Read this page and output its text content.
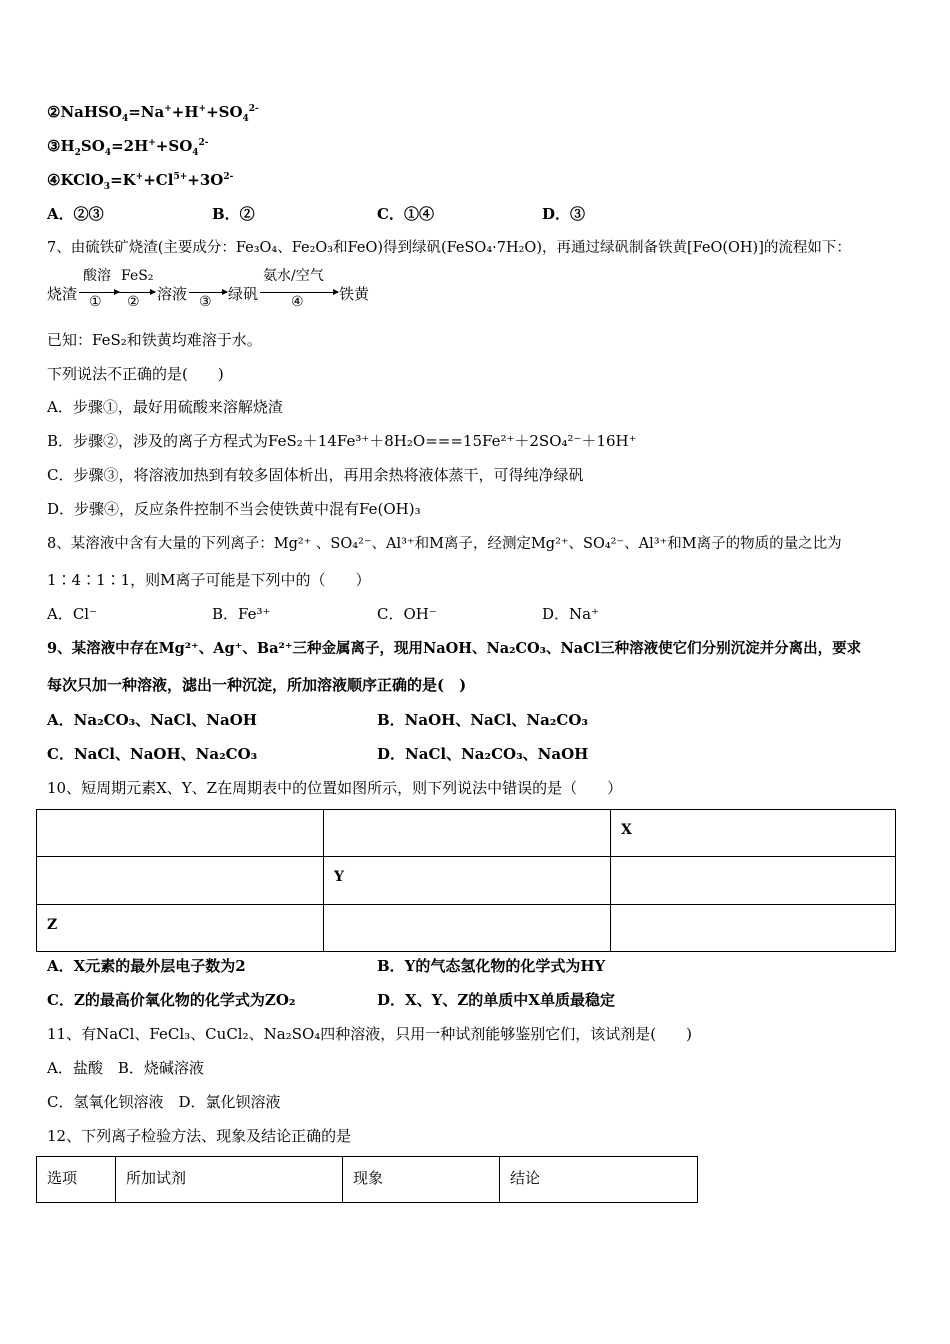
$②NaHSO_4=Na^++H^++SO_4^{2-}$
$③H_2SO_4=2H^++SO_4^{2-}$
$④KClO_3=K^++Cl^{5+}+3O^{2-}$
A．②③	B．②	C．①④	D．③
7、由硫铁矿烧渣(主要成分：Fe₃O₄、Fe₂O₃和FeO)得到绿矾(FeSO₄·7H₂O)，再通过绿矾制备铁黄[FeO(OH)]的流程如下：
烧渣
酸溶
①
FeS₂
② 溶液 ③ 绿矾
氨水/空气
④ 铁黄
已知：FeS₂和铁黄均难溶于水。
下列说法不正确的是(　　)
A．步骤①，最好用硫酸来溶解烧渣
B．步骤②，涉及的离子方程式为FeS₂＋14Fe³⁺＋8H₂O===15Fe²⁺＋2SO₄²⁻＋16H⁺
C．步骤③，将溶液加热到有较多固体析出，再用余热将液体蒸干，可得纯净绿矾
D．步骤④，反应条件控制不当会使铁黄中混有Fe(OH)₃
8、某溶液中含有大量的下列离子：Mg²⁺ 、SO₄²⁻、Al³⁺和M离子，经测定Mg²⁺、SO₄²⁻、Al³⁺和M离子的物质的量之比为
1∶4∶1∶1，则M离子可能是下列中的（　　）
A．Cl⁻	B．Fe³⁺	C．OH⁻	D．Na⁺
9、某溶液中存在Mg²⁺、Ag⁺、Ba²⁺三种金属离子，现用NaOH、Na₂CO₃、NaCl三种溶液使它们分别沉淀并分离出，要求
每次只加一种溶液，滤出一种沉淀，所加溶液顺序正确的是(　)
A．Na₂CO₃、NaCl、NaOH	B．NaOH、NaCl、Na₂CO₃
C．NaCl、NaOH、Na₂CO₃	D．NaCl、Na₂CO₃、NaOH
10、短周期元素X、Y、Z在周期表中的位置如图所示，则下列说法中错误的是（　　）
		X
	Y	
Z		
A．X元素的最外层电子数为2	B．Y的气态氢化物的化学式为HY
C．Z的最高价氧化物的化学式为ZO₂	D．X、Y、Z的单质中X单质最稳定
11、有NaCl、FeCl₃、CuCl₂、Na₂SO₄四种溶液，只用一种试剂能够鉴别它们，该试剂是(　　)
A．盐酸　B．烧碱溶液
C．氢氧化钡溶液　D．氯化钡溶液
12、下列离子检验方法、现象及结论正确的是
选项	所加试剂	现象	结论
